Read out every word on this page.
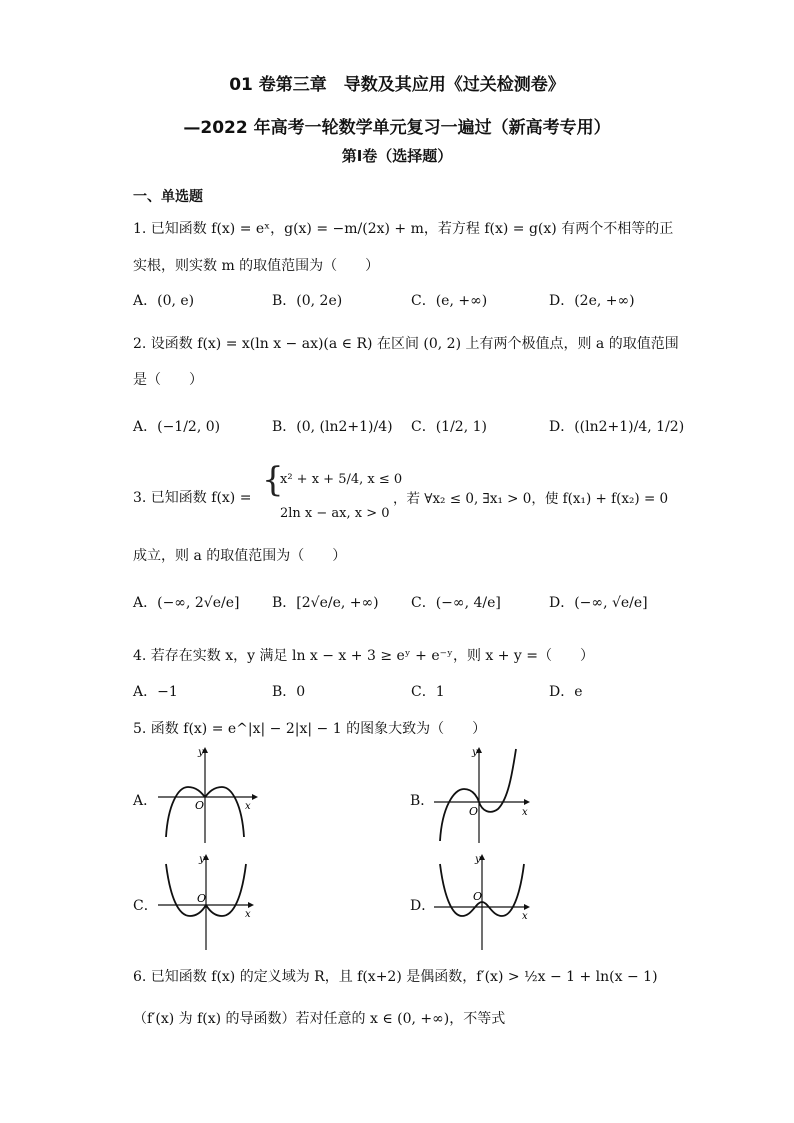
01 卷第三章　导数及其应用《过关检测卷》
—2022 年高考一轮数学单元复习一遍过（新高考专用）
第Ⅰ卷（选择题）
一、单选题
1. 已知函数 f(x) = eˣ，g(x) = −m/(2x) + m，若方程 f(x) = g(x) 有两个不相等的正
实根，则实数 m 的取值范围为（　　）
A．(0, e)	B．(0, 2e)	C．(e, +∞)	D．(2e, +∞)
2. 设函数 f(x) = x(ln x − ax)(a ∈ R) 在区间 (0, 2) 上有两个极值点，则 a 的取值范围
是（　　）
A．(−1/2, 0)	B．(0, (ln2+1)/4) C．(1/2, 1)	D．((ln2+1)/4, 1/2)
3. 已知函数 f(x) = {
x² + x + 5/4, x ≤ 0
2ln x − ax, x > 0
，若 ∀x₂ ≤ 0, ∃x₁ > 0，使 f(x₁) + f(x₂) = 0
成立，则 a 的取值范围为（　　）
A．(−∞, 2√e/e] B．[2√e/e, +∞) C．(−∞, 4/e]	D．(−∞, √e/e]
4. 若存在实数 x，y 满足 ln x − x + 3 ≥ eʸ + e⁻ʸ，则 x + y =（　　）
A．−1	B．0	C．1	D．e
5. 函数 f(x) = e^|x| − 2|x| − 1 的图象大致为（　　）
A．	x
y
O	B．
x
y
O
C．
x
y
O	D．
x
y
O
6. 已知函数 f(x) 的定义域为 R，且 f(x+2) 是偶函数，f′(x) > ½x − 1 + ln(x − 1)
（f′(x) 为 f(x) 的导函数）若对任意的 x ∈ (0, +∞)，不等式
